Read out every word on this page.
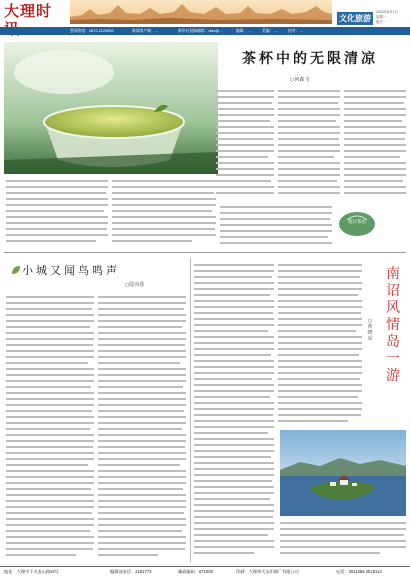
大理时	文化旅游
2022年8月1日
星期一
版次
要闻热线：0872-2125506	新闻客户端：…	新华社投稿邮箱：dlsx@…	编辑：…	美编：…	校对：…
茶杯中的无限清凉
○何森飞
夏日茶语
小城又闻鸟鸣声
○陆向春
南
诏
风
情
岛
一
游
○黄晓东
地址：大理市下关龙山路23号	编辑部电话：2181773	邮政编码：671000	印刷：大理州大友印刷厂有限公司	电话：2511268 2518113
